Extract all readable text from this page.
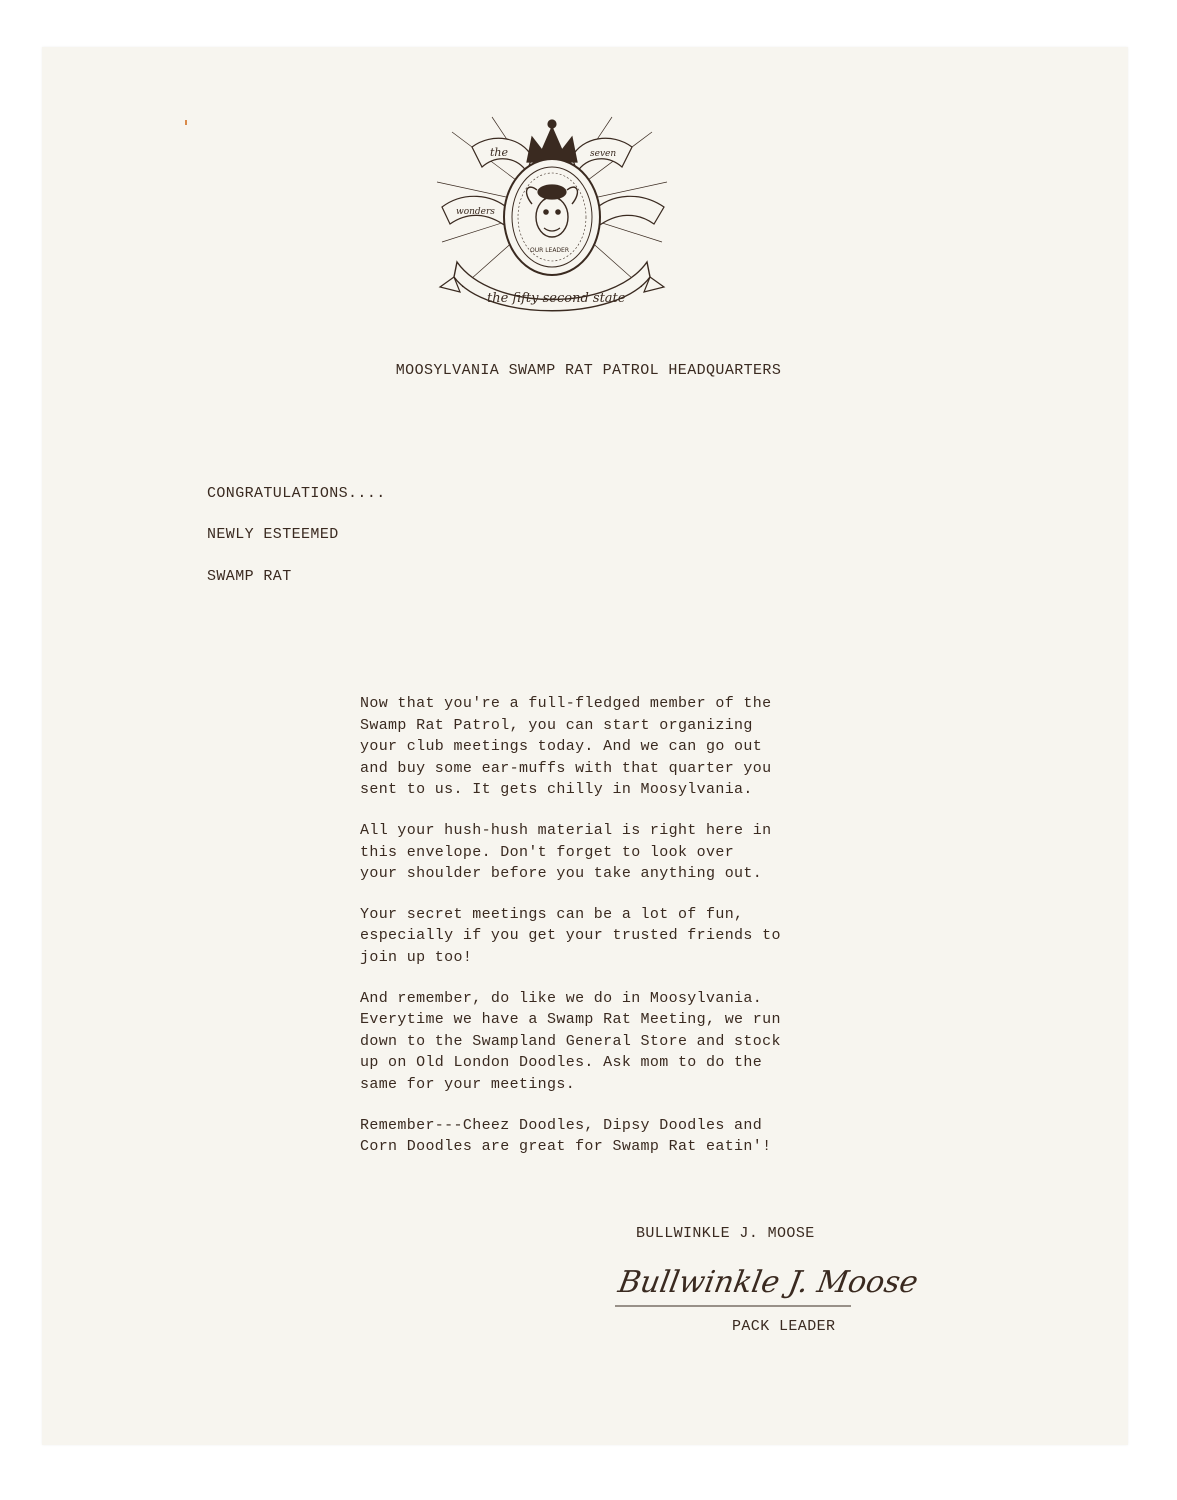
the	seven
wonders
OUR LEADER
the fifty second state
MOOSYLVANIA SWAMP RAT PATROL HEADQUARTERS
CONGRATULATIONS....
NEWLY ESTEEMED
SWAMP RAT

Now that you're a full-fledged member of the
Swamp Rat Patrol, you can start organizing
your club meetings today. And we can go out
and buy some ear-muffs with that quarter you
sent to us. It gets chilly in Moosylvania.

All your hush-hush material is right here in
this envelope. Don't forget to look over
your shoulder before you take anything out.

Your secret meetings can be a lot of fun,
especially if you get your trusted friends to
join up too!

And remember, do like we do in Moosylvania.
Everytime we have a Swamp Rat Meeting, we run
down to the Swampland General Store and stock
up on Old London Doodles. Ask mom to do the
same for your meetings.

Remember---Cheez Doodles, Dipsy Doodles and
Corn Doodles are great for Swamp Rat eatin'!

BULLWINKLE J. MOOSE
Bullwinkle J. Moose
PACK LEADER
